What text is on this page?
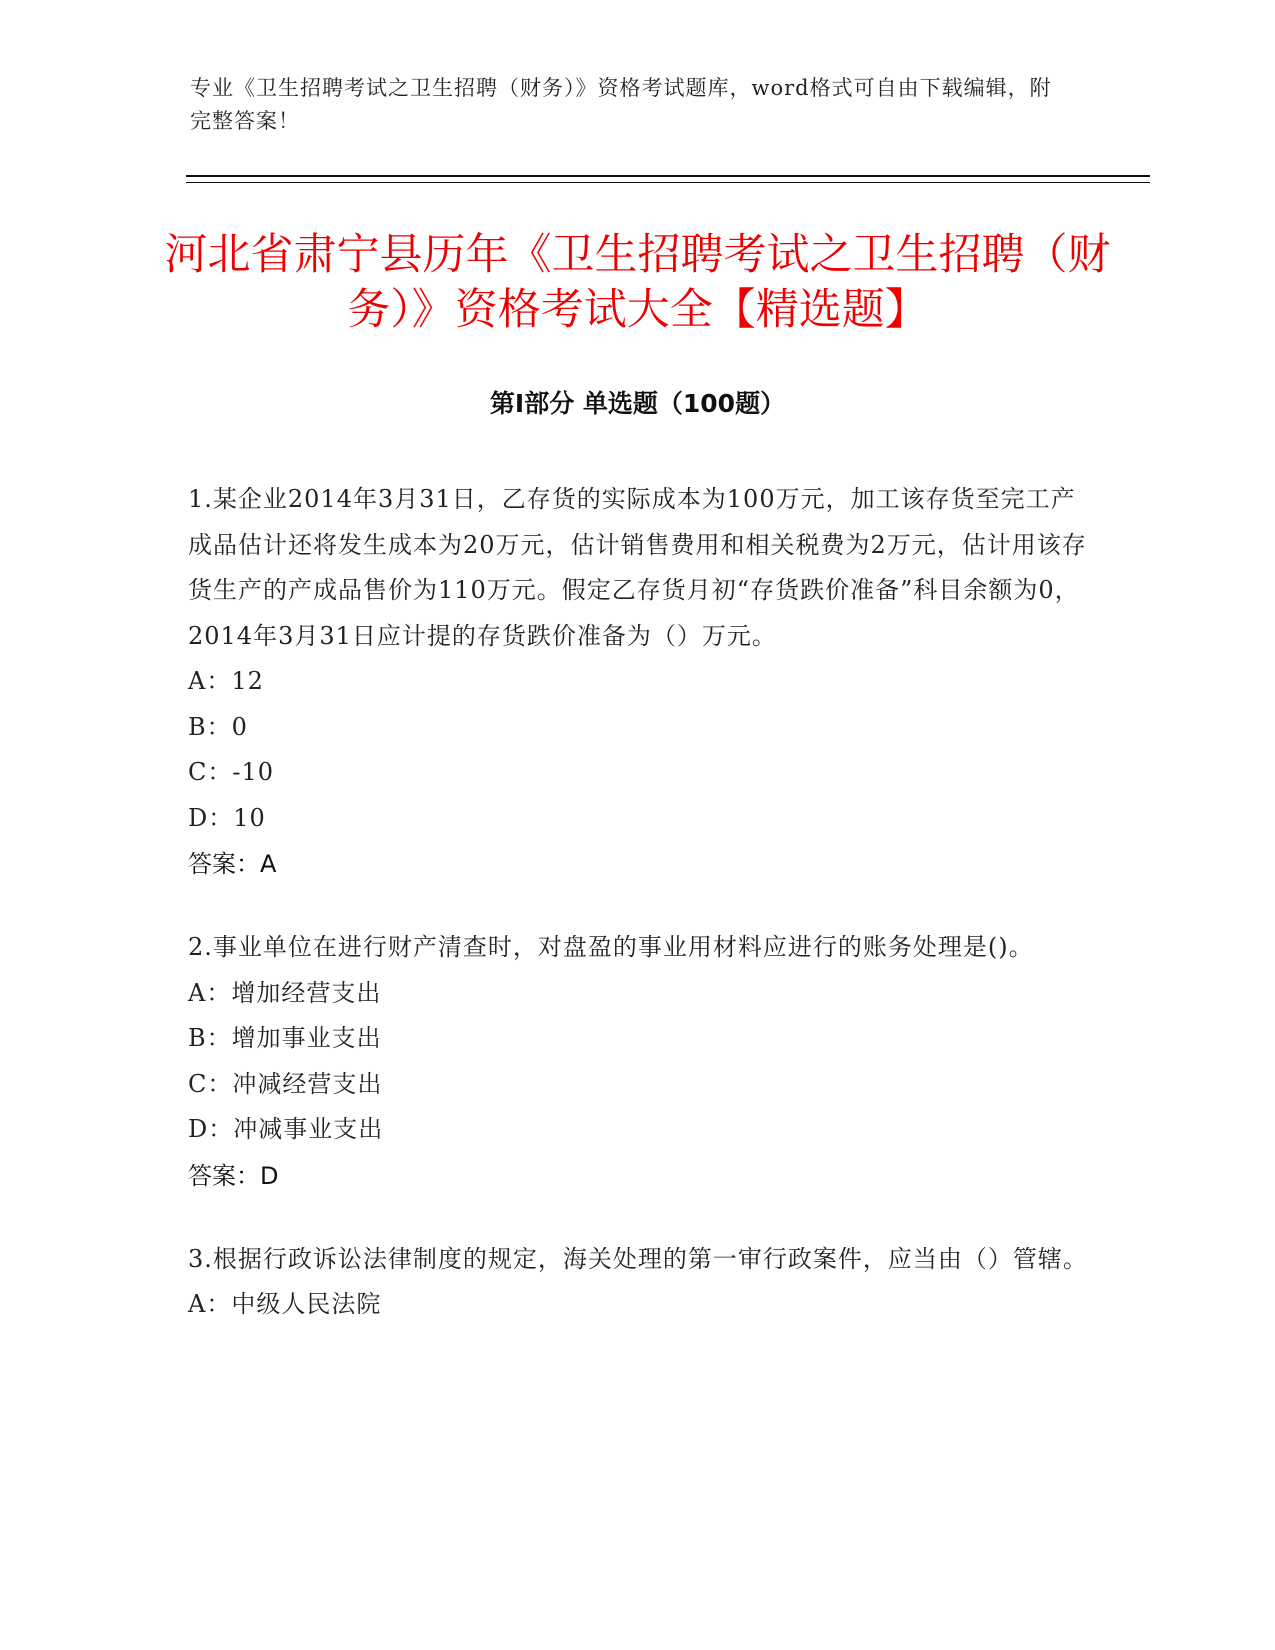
专业《卫生招聘考试之卫生招聘（财务）》资格考试题库，word格式可自由下载编辑，附完整答案！
河北省肃宁县历年《卫生招聘考试之卫生招聘（财务）》资格考试大全【精选题】
第Ⅰ部分 单选题（100题）
1.某企业2014年3月31日，乙存货的实际成本为100万元，加工该存货至完工产成品估计还将发生成本为20万元，估计销售费用和相关税费为2万元，估计用该存货生产的产成品售价为110万元。假定乙存货月初“存货跌价准备”科目余额为0，2014年3月31日应计提的存货跌价准备为（）万元。
A：12
B：0
C：-10
D：10
答案：A
2.事业单位在进行财产清查时，对盘盈的事业用材料应进行的账务处理是()。
A：增加经营支出
B：增加事业支出
C：冲减经营支出
D：冲减事业支出
答案：D
3.根据行政诉讼法律制度的规定，海关处理的第一审行政案件，应当由（）管辖。
A：中级人民法院
